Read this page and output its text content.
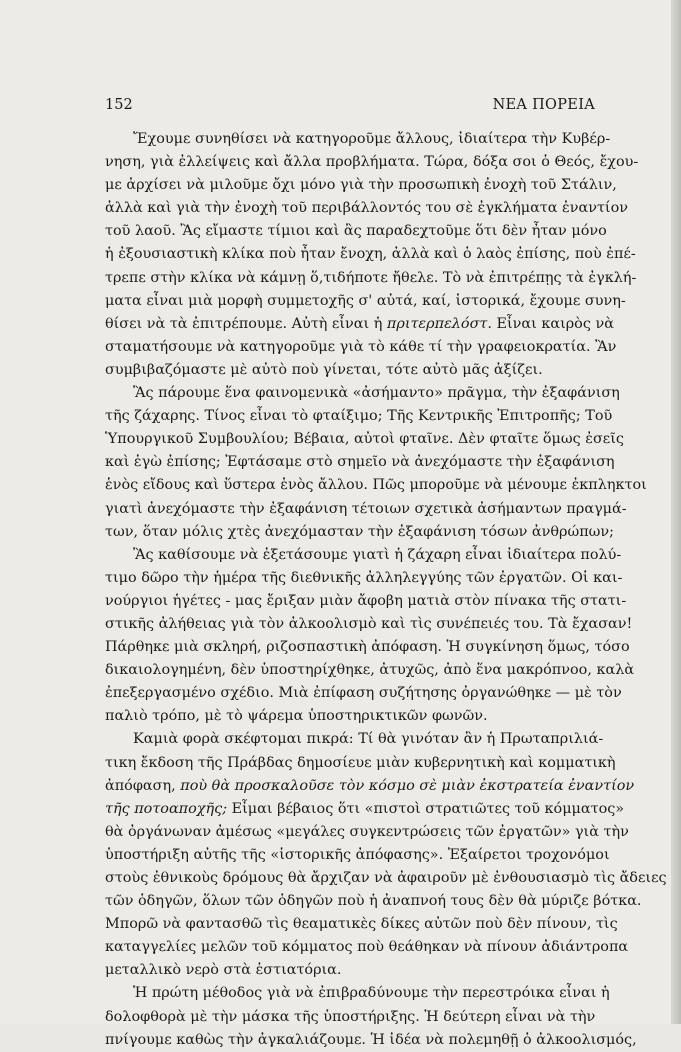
152	ΝΕΑ ΠΟΡΕΙΑ
Ἔχουμε συνηθίσει νὰ κατηγοροῦμε ἄλλους, ἰδιαίτερα τὴν Κυβέρ-
νηση, γιὰ ἐλλείψεις καὶ ἄλλα προβλήματα. Τώρα, δόξα σοι ὁ Θεός, ἔχου-
με ἀρχίσει νὰ μιλοῦμε ὄχι μόνο γιὰ τὴν προσωπικὴ ἐνοχὴ τοῦ Στάλιν,
ἀλλὰ καὶ γιὰ τὴν ἐνοχὴ τοῦ περιβάλλοντός του σὲ ἐγκλήματα ἐναντίον
τοῦ λαοῦ. Ἂς εἴμαστε τίμιοι καὶ ἂς παραδεχτοῦμε ὅτι δὲν ἦταν μόνο
ἡ ἐξουσιαστικὴ κλίκα ποὺ ἦταν ἔνοχη, ἀλλὰ καὶ ὁ λαὸς ἐπίσης, ποὺ ἐπέ-
τρεπε στὴν κλίκα νὰ κάμνῃ ὅ,τιδήποτε ἤθελε. Τὸ νὰ ἐπιτρέπῃς τὰ ἐγκλή-
ματα εἶναι μιὰ μορφὴ συμμετοχῆς σ' αὐτά, καί, ἱστορικά, ἔχουμε συνη-
θίσει νὰ τὰ ἐπιτρέπουμε. Αὐτὴ εἶναι ἡ πριτερπελόστ. Εἶναι καιρὸς νὰ
σταματήσουμε νὰ κατηγοροῦμε γιὰ τὸ κάθε τί τὴν γραφειοκρατία. Ἂν
συμβιβαζόμαστε μὲ αὐτὸ ποὺ γίνεται, τότε αὐτὸ μᾶς ἀξίζει.
Ἂς πάρουμε ἕνα φαινομενικὰ «ἀσήμαντο» πρᾶγμα, τὴν ἐξαφάνιση
τῆς ζάχαρης. Τίνος εἶναι τὸ φταίξιμο; Τῆς Κεντρικῆς Ἐπιτροπῆς; Τοῦ
Ὑπουργικοῦ Συμβουλίου; Βέβαια, αὐτοὶ φταῖνε. Δὲν φταῖτε ὅμως ἐσεῖς
καὶ ἐγὼ ἐπίσης; Ἐφτάσαμε στὸ σημεῖο νὰ ἀνεχόμαστε τὴν ἐξαφάνιση
ἑνὸς εἴδους καὶ ὕστερα ἑνὸς ἄλλου. Πῶς μποροῦμε νὰ μένουμε ἐκπληκτοι
γιατὶ ἀνεχόμαστε τὴν ἐξαφάνιση τέτοιων σχετικὰ ἀσήμαντων πραγμά-
των, ὅταν μόλις χτὲς ἀνεχόμασταν τὴν ἐξαφάνιση τόσων ἀνθρώπων;
Ἂς καθίσουμε νὰ ἐξετάσουμε γιατὶ ἡ ζάχαρη εἶναι ἰδιαίτερα πολύ-
τιμο δῶρο τὴν ἡμέρα τῆς διεθνικῆς ἀλληλεγγύης τῶν ἐργατῶν. Οἱ και-
νούργιοι ἡγέτες - μας ἔριξαν μιὰν ἄφοβη ματιὰ στὸν πίνακα τῆς στατι-
στικῆς ἀλήθειας γιὰ τὸν ἀλκοολισμὸ καὶ τὶς συνέπειές του. Τὰ ἔχασαν!
Πάρθηκε μιὰ σκληρή, ριζοσπαστικὴ ἀπόφαση. Ἡ συγκίνηση ὅμως, τόσο
δικαιολογημένη, δὲν ὑποστηρίχθηκε, ἀτυχῶς, ἀπὸ ἕνα μακρόπνοο, καλὰ
ἐπεξεργασμένο σχέδιο. Μιὰ ἐπίφαση συζήτησης ὀργανώθηκε — μὲ τὸν
παλιὸ τρόπο, μὲ τὸ ψάρεμα ὑποστηρικτικῶν φωνῶν.
Καμιὰ φορὰ σκέφτομαι πικρά: Τί θὰ γινόταν ἂν ἡ Πρωταπριλιά-
τικη ἔκδοση τῆς Πράβδας δημοσίευε μιὰν κυβερνητικὴ καὶ κομματικὴ
ἀπόφαση, ποὺ θὰ προσκαλοῦσε τὸν κόσμο σὲ μιὰν ἐκστρατεία ἐναντίον
τῆς ποτοαποχῆς; Εἶμαι βέβαιος ὅτι «πιστοὶ στρατιῶτες τοῦ κόμματος»
θὰ ὀργάνωναν ἀμέσως «μεγάλες συγκεντρώσεις τῶν ἐργατῶν» γιὰ τὴν
ὑποστήριξη αὐτῆς τῆς «ἱστορικῆς ἀπόφασης». Ἐξαίρετοι τροχονόμοι
στοὺς ἐθνικοὺς δρόμους θὰ ἄρχιζαν νὰ ἀφαιροῦν μὲ ἐνθουσιασμὸ τὶς ἄδειες
τῶν ὁδηγῶν, ὅλων τῶν ὁδηγῶν ποὺ ἡ ἀναπνοή τους δὲν θὰ μύριζε βότκα.
Μπορῶ νὰ φαντασθῶ τὶς θεαματικὲς δίκες αὐτῶν ποὺ δὲν πίνουν, τὶς
καταγγελίες μελῶν τοῦ κόμματος ποὺ θεάθηκαν νὰ πίνουν ἀδιάντροπα
μεταλλικὸ νερὸ στὰ ἑστιατόρια.
Ἡ πρώτη μέθοδος γιὰ νὰ ἐπιβραδύνουμε τὴν περεστρόικα εἶναι ἡ
δολοφθορὰ μὲ τὴν μάσκα τῆς ὑποστήριξης. Ἡ δεύτερη εἶναι νὰ τὴν
πνίγουμε καθὼς τὴν ἀγκαλιάζουμε. Ἡ ἰδέα νὰ πολεμηθῇ ὁ ἀλκοολισμός,
